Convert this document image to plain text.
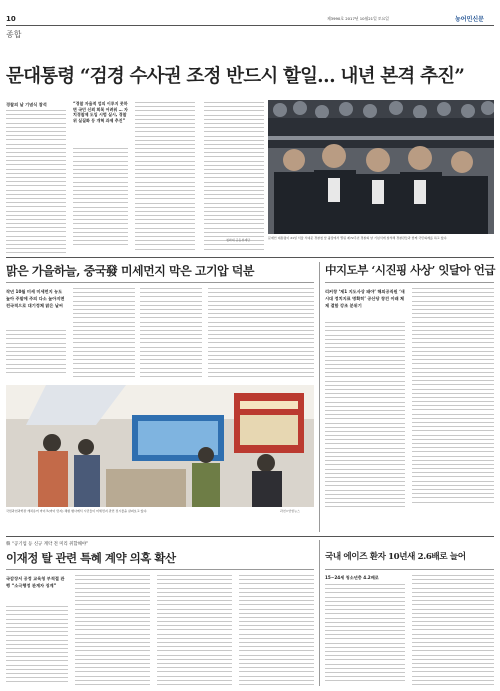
10	제3990호 2017년 10월21일 토요일	농어민신문
종합
문대통령 “검경 수사권 조정 반드시 할일… 내년 본격 추진”
경찰의 날 기념식 참석	“경찰 자율적 엄의 이루지 못하면 국민 신뢰 회복 어려워 … 자치경찰제 도입 시범 실시, 경찰위 실질화 등 개혁 과제 추진”
청와대 공동취재단	문재인 대통령이 21일 서울 서대문 경찰청 앞 광장에서 열린 제72주년 경찰의 날 기념식에 참석해 경찰관들과 함께 국민의례를 하고 있다.
맑은 가을하늘, 중국發 미세먼지 막은 고기압 덕분
작년 10월 미세 미세먼지 농도 높아 주말에 주의 다소 높아지면 전국적으로 대기정체 맑은 날씨
국립과천과학관 캐치유어 마이크(마이 먼지) 체험 행사에서 시민들이 미세먼지 관련 전시물을 살펴보고 있다.	과천=연합뉴스
中지도부 ‘시진핑 사상’ 잇달아 언급
리커창 ‘제1 지도사상 돼야’ 해외공직원 ‘새시대 정치지표 명확히’ 공산당 창건 이래 체제 결합 강조 분위기
韓 “공기업 등 신규 계약 전 미리 취합해야”
이재정 탈 관련 특혜 계약 의혹 확산
국감장서 공정 교육청 부적절 관행 “소극행정 관계자 징계”
국내 에이즈 환자 10년새 2.6배로 늘어
15~24세 청소년층 4.2배로
